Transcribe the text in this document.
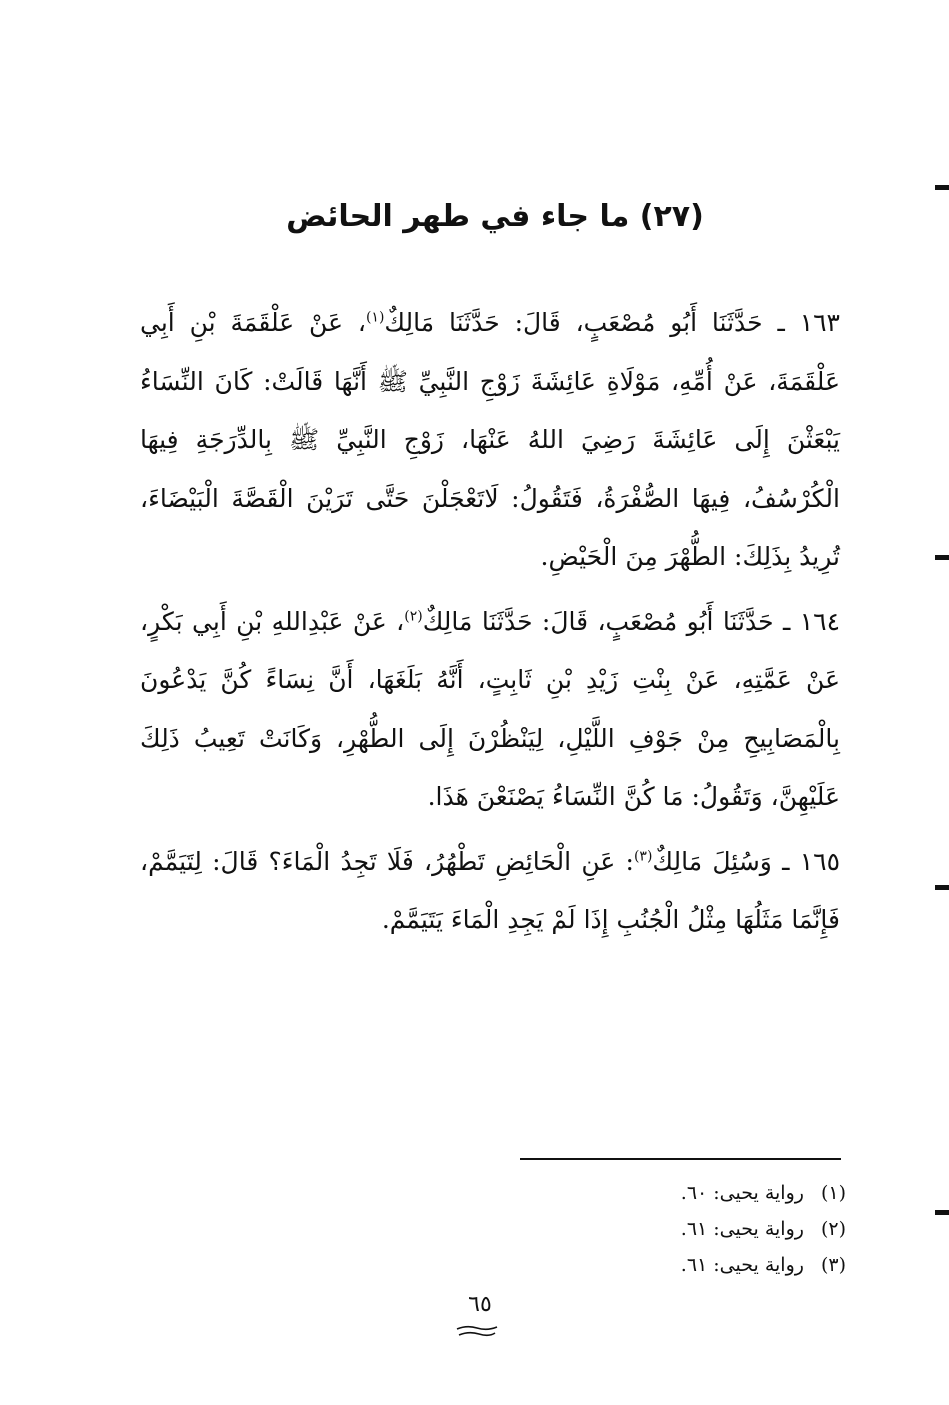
(٢٧) ما جاء في طهر الحائض

١٦٣ ـ حَدَّثَنَا أَبُو مُصْعَبٍ، قَالَ: حَدَّثَنَا مَالِكٌ$^{(١)}$، عَنْ عَلْقَمَةَ بْنِ أَبِي عَلْقَمَةَ، عَنْ أُمِّهِ، مَوْلَاةِ عَائِشَةَ زَوْجِ النَّبِيِّ ﷺ أَنَّهَا قَالَتْ: كَانَ النِّسَاءُ يَبْعَثْنَ إِلَى عَائِشَةَ رَضِيَ اللهُ عَنْهَا، زَوْجِ النَّبِيِّ ﷺ بِالدِّرَجَةِ فِيهَا الْكُرْسُفُ، فِيهَا الصُّفْرَةُ، فَتَقُولُ: لَاتَعْجَلْنَ حَتَّى تَرَيْنَ الْقَصَّةَ الْبَيْضَاءَ، تُرِيدُ بِذَلِكَ: الطُّهْرَ مِنَ الْحَيْضِ.

١٦٤ ـ حَدَّثَنَا أَبُو مُصْعَبٍ، قَالَ: حَدَّثَنَا مَالِكٌ$^{(٢)}$، عَنْ عَبْدِاللهِ بْنِ أَبِي بَكْرٍ، عَنْ عَمَّتِهِ، عَنْ بِنْتِ زَيْدِ بْنِ ثَابِتٍ، أَنَّهُ بَلَغَهَا، أَنَّ نِسَاءً كُنَّ يَدْعُونَ بِالْمَصَابِيحِ مِنْ جَوْفِ اللَّيْلِ، لِيَنْظُرْنَ إِلَى الطُّهْرِ، وَكَانَتْ تَعِيبُ ذَلِكَ عَلَيْهِنَّ، وَتَقُولُ: مَا كُنَّ النِّسَاءُ يَصْنَعْنَ هَذَا.

١٦٥ ـ وَسُئِلَ مَالِكٌ$^{(٣)}$: عَنِ الْحَائِضِ تَطْهُرُ، فَلَا تَجِدُ الْمَاءَ؟ قَالَ: لِتَيَمَّمْ، فَإِنَّمَا مَثَلُهَا مِثْلُ الْجُنُبِ إِذَا لَمْ يَجِدِ الْمَاءَ يَتَيَمَّمْ.

(١) رواية يحيى: ٦٠.
(٢) رواية يحيى: ٦١.
(٣) رواية يحيى: ٦١.
٦٥
